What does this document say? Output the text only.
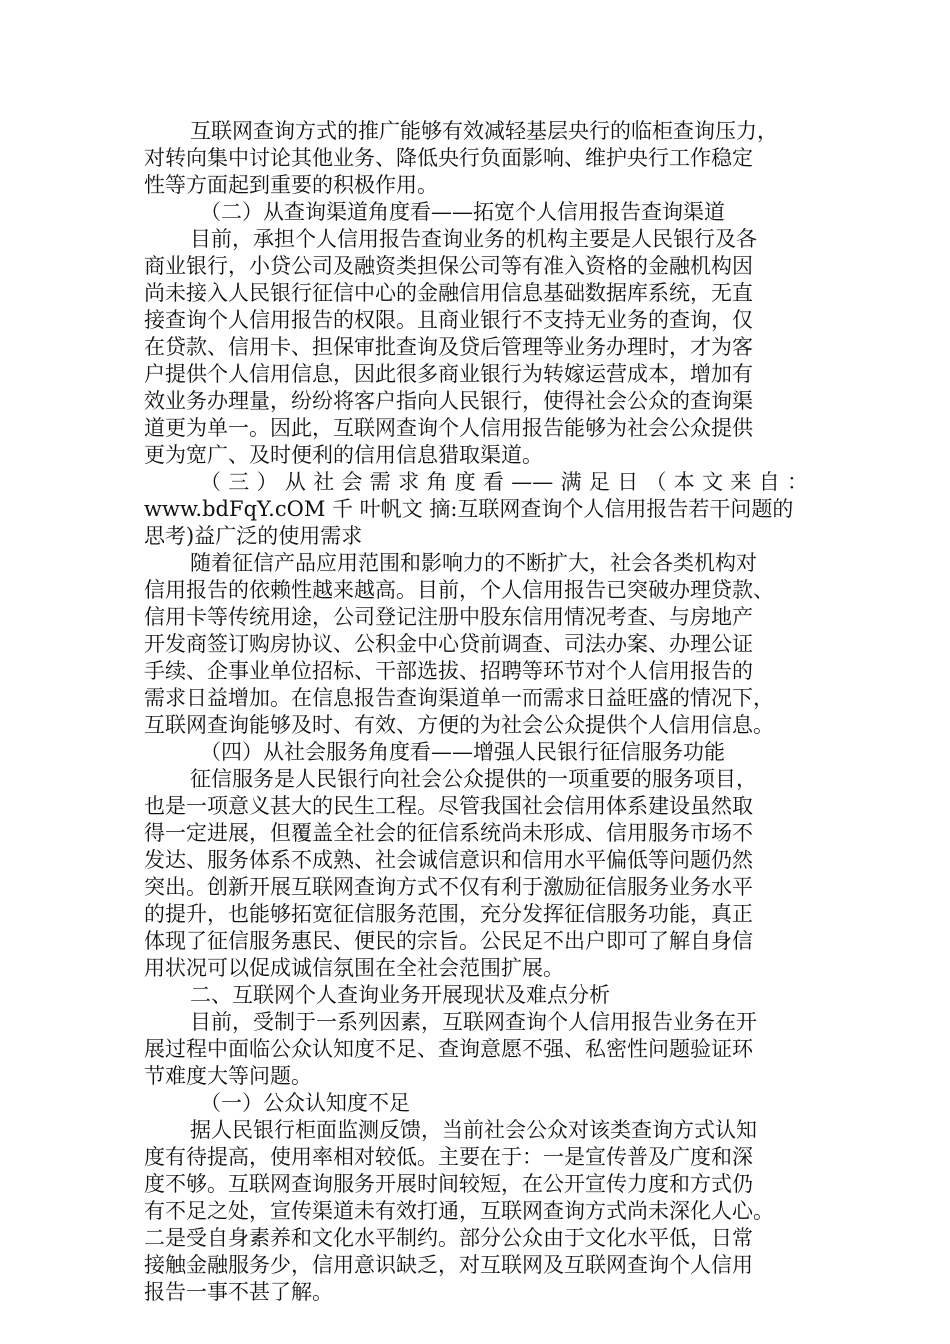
互联网查询方式的推广能够有效减轻基层央行的临柜查询压力，
对转向集中讨论其他业务、降低央行负面影响、维护央行工作稳定
性等方面起到重要的积极作用。
（二）从查询渠道角度看——拓宽个人信用报告查询渠道
目前，承担个人信用报告查询业务的机构主要是人民银行及各
商业银行，小贷公司及融资类担保公司等有准入资格的金融机构因
尚未接入人民银行征信中心的金融信用信息基础数据库系统，无直
接查询个人信用报告的权限。且商业银行不支持无业务的查询，仅
在贷款、信用卡、担保审批查询及贷后管理等业务办理时，才为客
户提供个人信用信息，因此很多商业银行为转嫁运营成本，增加有
效业务办理量，纷纷将客户指向人民银行，使得社会公众的查询渠
道更为单一。因此，互联网查询个人信用报告能够为社会公众提供
更为宽广、及时便利的信用信息猎取渠道。
（三）从社会需求角度看——满足日（本文来自：
www.bdFqY.cOM 千 叶帆文 摘:互联网查询个人信用报告若干问题的
思考)益广泛的使用需求
随着征信产品应用范围和影响力的不断扩大，社会各类机构对
信用报告的依赖性越来越高。目前，个人信用报告已突破办理贷款、
信用卡等传统用途，公司登记注册中股东信用情况考查、与房地产
开发商签订购房协议、公积金中心贷前调查、司法办案、办理公证
手续、企事业单位招标、干部选拔、招聘等环节对个人信用报告的
需求日益增加。在信息报告查询渠道单一而需求日益旺盛的情况下，
互联网查询能够及时、有效、方便的为社会公众提供个人信用信息。
（四）从社会服务角度看——增强人民银行征信服务功能
征信服务是人民银行向社会公众提供的一项重要的服务项目，
也是一项意义甚大的民生工程。尽管我国社会信用体系建设虽然取
得一定进展，但覆盖全社会的征信系统尚未形成、信用服务市场不
发达、服务体系不成熟、社会诚信意识和信用水平偏低等问题仍然
突出。创新开展互联网查询方式不仅有利于激励征信服务业务水平
的提升，也能够拓宽征信服务范围，充分发挥征信服务功能，真正
体现了征信服务惠民、便民的宗旨。公民足不出户即可了解自身信
用状况可以促成诚信氛围在全社会范围扩展。
二、互联网个人查询业务开展现状及难点分析
目前，受制于一系列因素，互联网查询个人信用报告业务在开
展过程中面临公众认知度不足、查询意愿不强、私密性问题验证环
节难度大等问题。
（一）公众认知度不足
据人民银行柜面监测反馈，当前社会公众对该类查询方式认知
度有待提高，使用率相对较低。主要在于：一是宣传普及广度和深
度不够。互联网查询服务开展时间较短，在公开宣传力度和方式仍
有不足之处，宣传渠道未有效打通，互联网查询方式尚未深化人心。
二是受自身素养和文化水平制约。部分公众由于文化水平低，日常
接触金融服务少，信用意识缺乏，对互联网及互联网查询个人信用
报告一事不甚了解。
